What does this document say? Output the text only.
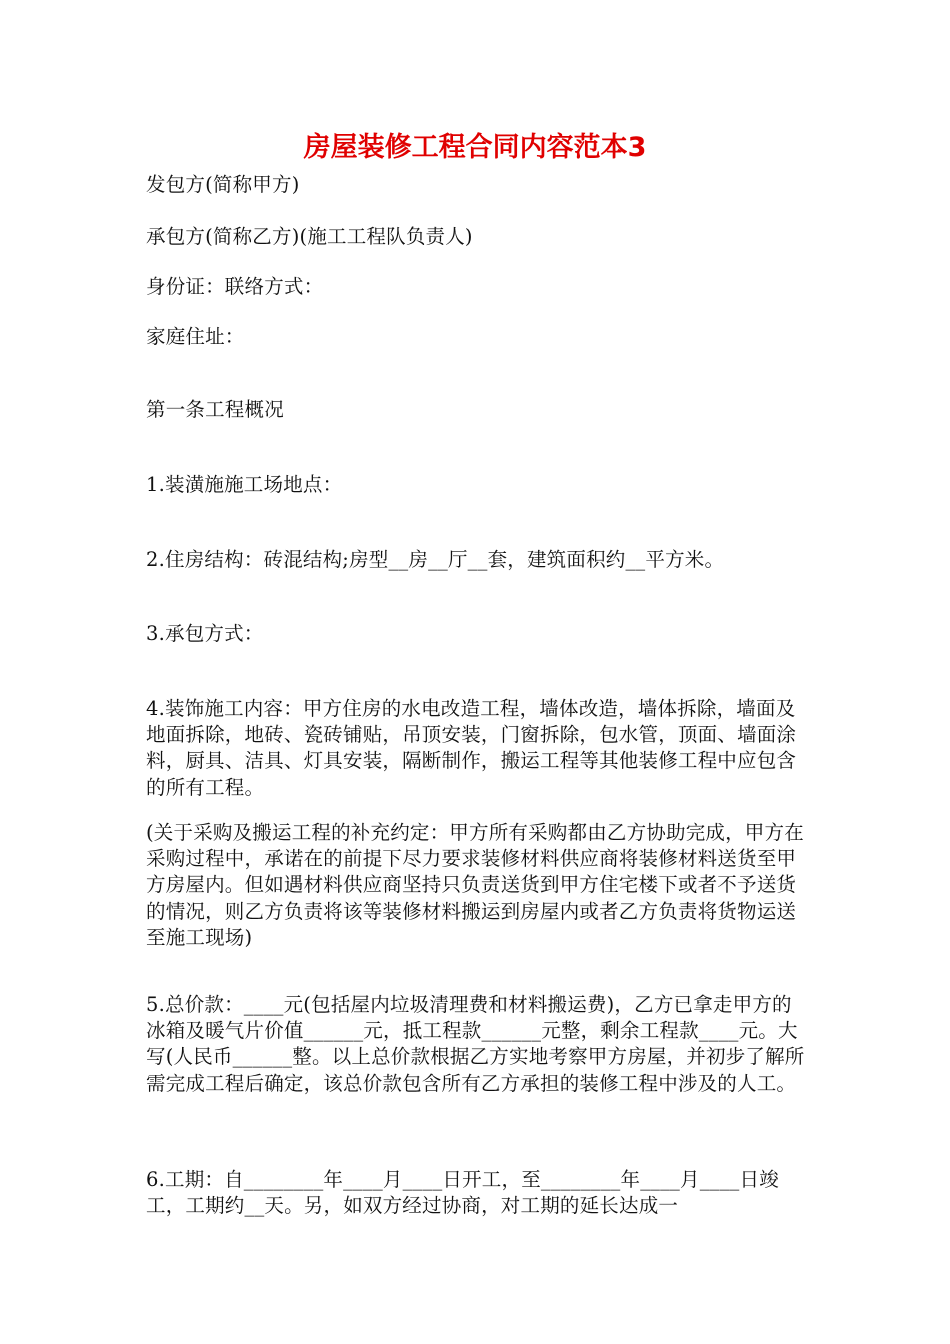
房屋装修工程合同内容范本3

发包方(简称甲方)

承包方(简称乙方)(施工工程队负责人)

身份证：联络方式：

家庭住址：

第一条工程概况

1.装潢施施工场地点：

2.住房结构：砖混结构;房型__房__厅__套，建筑面积约__平方米。

3.承包方式：

4.装饰施工内容：甲方住房的水电改造工程，墙体改造，墙体拆除，墙面及地面拆除，地砖、瓷砖铺贴，吊顶安装，门窗拆除，包水管，顶面、墙面涂料，厨具、洁具、灯具安装，隔断制作，搬运工程等其他装修工程中应包含的所有工程。

(关于采购及搬运工程的补充约定：甲方所有采购都由乙方协助完成，甲方在采购过程中，承诺在的前提下尽力要求装修材料供应商将装修材料送货至甲方房屋内。但如遇材料供应商坚持只负责送货到甲方住宅楼下或者不予送货的情况，则乙方负责将该等装修材料搬运到房屋内或者乙方负责将货物运送至施工现场)

5.总价款：____元(包括屋内垃圾清理费和材料搬运费)，乙方已拿走甲方的冰箱及暖气片价值______元，抵工程款______元整，剩余工程款____元。大写(人民币______整。以上总价款根据乙方实地考察甲方房屋，并初步了解所需完成工程后确定，该总价款包含所有乙方承担的装修工程中涉及的人工。

6.工期：自________年____月____日开工，至________年____月____日竣工，工期约__天。另，如双方经过协商，对工期的延长达成一
